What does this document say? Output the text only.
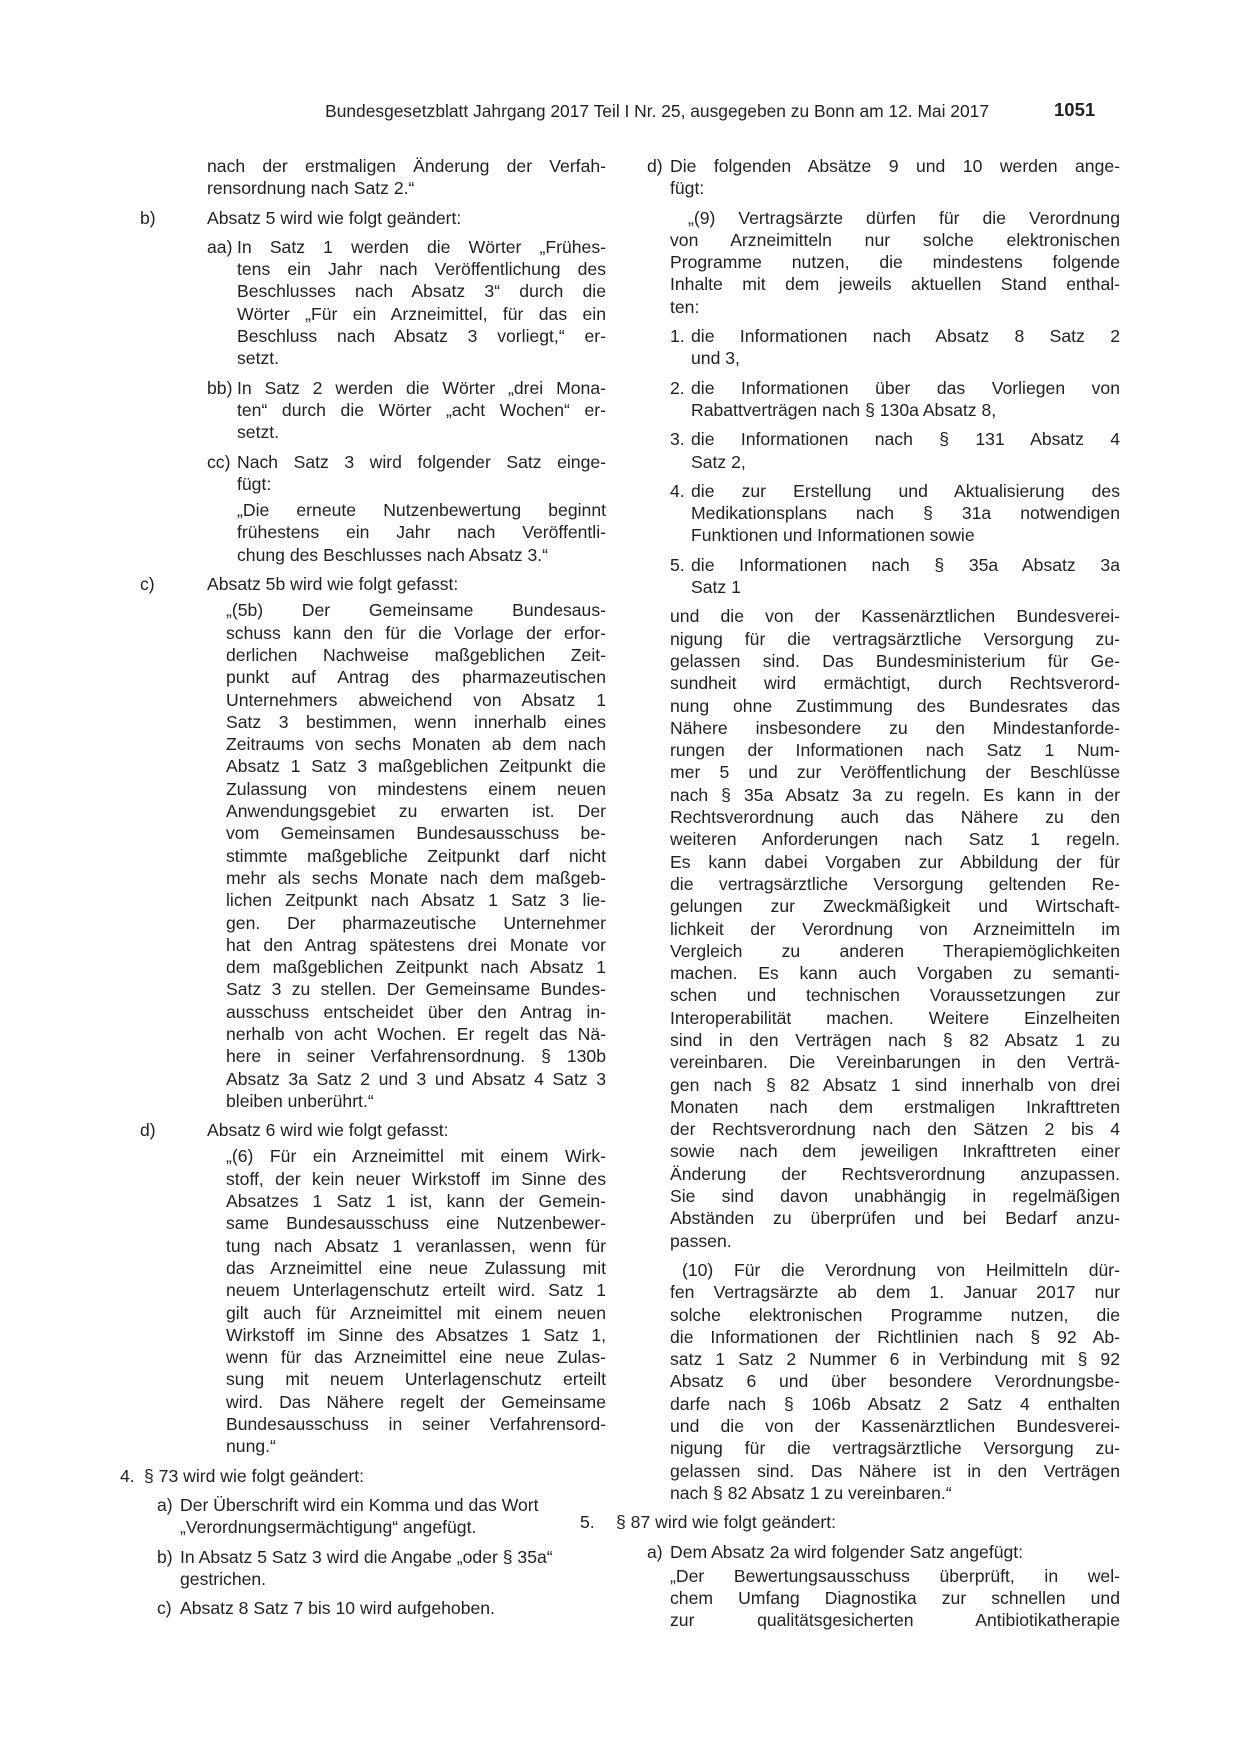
Bundesgesetzblatt Jahrgang 2017 Teil I Nr. 25, ausgegeben zu Bonn am 12. Mai 2017	1051
nach der erstmaligen Änderung der Verfah-
rensordnung nach Satz 2.“
b)	Absatz 5 wird wie folgt geändert:
aa) In Satz 1 werden die Wörter „Frühes-
tens ein Jahr nach Veröffentlichung des
Beschlusses nach Absatz 3“ durch die
Wörter „Für ein Arzneimittel, für das ein
Beschluss nach Absatz 3 vorliegt,“ er-
setzt.
bb) In Satz 2 werden die Wörter „drei Mona-
ten“ durch die Wörter „acht Wochen“ er-
setzt.
cc) Nach Satz 3 wird folgender Satz einge-
fügt:
„Die erneute Nutzenbewertung beginnt
frühestens ein Jahr nach Veröffentli-
chung des Beschlusses nach Absatz 3.“
c)	Absatz 5b wird wie folgt gefasst:
„(5b) Der Gemeinsame Bundesaus-
schuss kann den für die Vorlage der erfor-
derlichen Nachweise maßgeblichen Zeit-
punkt auf Antrag des pharmazeutischen
Unternehmers abweichend von Absatz 1
Satz 3 bestimmen, wenn innerhalb eines
Zeitraums von sechs Monaten ab dem nach
Absatz 1 Satz 3 maßgeblichen Zeitpunkt die
Zulassung von mindestens einem neuen
Anwendungsgebiet zu erwarten ist. Der
vom Gemeinsamen Bundesausschuss be-
stimmte maßgebliche Zeitpunkt darf nicht
mehr als sechs Monate nach dem maßgeb-
lichen Zeitpunkt nach Absatz 1 Satz 3 lie-
gen. Der pharmazeutische Unternehmer
hat den Antrag spätestens drei Monate vor
dem maßgeblichen Zeitpunkt nach Absatz 1
Satz 3 zu stellen. Der Gemeinsame Bundes-
ausschuss entscheidet über den Antrag in-
nerhalb von acht Wochen. Er regelt das Nä-
here in seiner Verfahrensordnung. § 130b
Absatz 3a Satz 2 und 3 und Absatz 4 Satz 3
bleiben unberührt.“
d)	Absatz 6 wird wie folgt gefasst:
„(6) Für ein Arzneimittel mit einem Wirk-
stoff, der kein neuer Wirkstoff im Sinne des
Absatzes 1 Satz 1 ist, kann der Gemein-
same Bundesausschuss eine Nutzenbewer-
tung nach Absatz 1 veranlassen, wenn für
das Arzneimittel eine neue Zulassung mit
neuem Unterlagenschutz erteilt wird. Satz 1
gilt auch für Arzneimittel mit einem neuen
Wirkstoff im Sinne des Absatzes 1 Satz 1,
wenn für das Arzneimittel eine neue Zulas-
sung mit neuem Unterlagenschutz erteilt
wird. Das Nähere regelt der Gemeinsame
Bundesausschuss in seiner Verfahrensord-
nung.“
4. § 73 wird wie folgt geändert:
a) Der Überschrift wird ein Komma und das Wort
„Verordnungsermächtigung“ angefügt.
b) In Absatz 5 Satz 3 wird die Angabe „oder § 35a“
gestrichen.
c) Absatz 8 Satz 7 bis 10 wird aufgehoben.
d) Die folgenden Absätze 9 und 10 werden ange-
fügt:
„(9) Vertragsärzte dürfen für die Verordnung
von Arzneimitteln nur solche elektronischen
Programme nutzen, die mindestens folgende
Inhalte mit dem jeweils aktuellen Stand enthal-
ten:
1. die Informationen nach Absatz 8 Satz 2
und 3,
2. die Informationen über das Vorliegen von
Rabattverträgen nach § 130a Absatz 8,
3. die Informationen nach § 131 Absatz 4
Satz 2,
4. die zur Erstellung und Aktualisierung des
Medikationsplans nach § 31a notwendigen
Funktionen und Informationen sowie
5. die Informationen nach § 35a Absatz 3a
Satz 1
und die von der Kassenärztlichen Bundesverei-
nigung für die vertragsärztliche Versorgung zu-
gelassen sind. Das Bundesministerium für Ge-
sundheit wird ermächtigt, durch Rechtsverord-
nung ohne Zustimmung des Bundesrates das
Nähere insbesondere zu den Mindestanforde-
rungen der Informationen nach Satz 1 Num-
mer 5 und zur Veröffentlichung der Beschlüsse
nach § 35a Absatz 3a zu regeln. Es kann in der
Rechtsverordnung auch das Nähere zu den
weiteren Anforderungen nach Satz 1 regeln.
Es kann dabei Vorgaben zur Abbildung der für
die vertragsärztliche Versorgung geltenden Re-
gelungen zur Zweckmäßigkeit und Wirtschaft-
lichkeit der Verordnung von Arzneimitteln im
Vergleich zu anderen Therapiemöglichkeiten
machen. Es kann auch Vorgaben zu semanti-
schen und technischen Voraussetzungen zur
Interoperabilität machen. Weitere Einzelheiten
sind in den Verträgen nach § 82 Absatz 1 zu
vereinbaren. Die Vereinbarungen in den Verträ-
gen nach § 82 Absatz 1 sind innerhalb von drei
Monaten nach dem erstmaligen Inkrafttreten
der Rechtsverordnung nach den Sätzen 2 bis 4
sowie nach dem jeweiligen Inkrafttreten einer
Änderung der Rechtsverordnung anzupassen.
Sie sind davon unabhängig in regelmäßigen
Abständen zu überprüfen und bei Bedarf anzu-
passen.
(10) Für die Verordnung von Heilmitteln dür-
fen Vertragsärzte ab dem 1. Januar 2017 nur
solche elektronischen Programme nutzen, die
die Informationen der Richtlinien nach § 92 Ab-
satz 1 Satz 2 Nummer 6 in Verbindung mit § 92
Absatz 6 und über besondere Verordnungsbe-
darfe nach § 106b Absatz 2 Satz 4 enthalten
und die von der Kassenärztlichen Bundesverei-
nigung für die vertragsärztliche Versorgung zu-
gelassen sind. Das Nähere ist in den Verträgen
nach § 82 Absatz 1 zu vereinbaren.“
5.	§ 87 wird wie folgt geändert:
a) Dem Absatz 2a wird folgender Satz angefügt:
„Der Bewertungsausschuss überprüft, in wel-
chem Umfang Diagnostika zur schnellen und
zur qualitätsgesicherten Antibiotikatherapie
